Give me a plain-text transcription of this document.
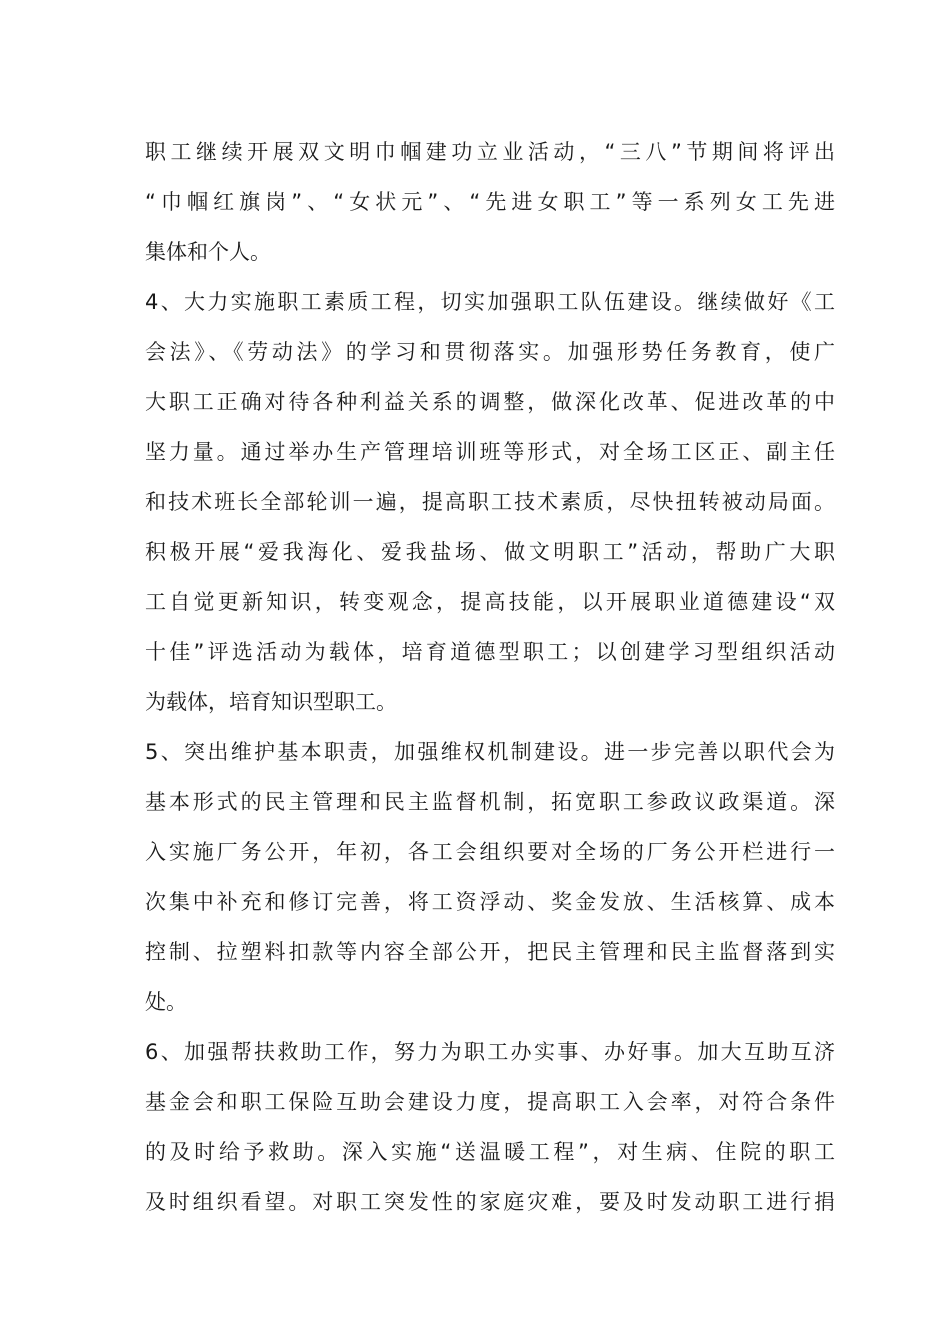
职工继续开展双文明巾帼建功立业活动，“三八”节期间将评出
“巾帼红旗岗”、“女状元”、“先进女职工”等一系列女工先进
集体和个人。
4、大力实施职工素质工程，切实加强职工队伍建设。继续做好《工
会法》、《劳动法》的学习和贯彻落实。加强形势任务教育，使广
大职工正确对待各种利益关系的调整，做深化改革、促进改革的中
坚力量。通过举办生产管理培训班等形式，对全场工区正、副主任
和技术班长全部轮训一遍，提高职工技术素质，尽快扭转被动局面。
积极开展“爱我海化、爱我盐场、做文明职工”活动，帮助广大职
工自觉更新知识，转变观念，提高技能，以开展职业道德建设“双
十佳”评选活动为载体，培育道德型职工；以创建学习型组织活动
为载体，培育知识型职工。
5、突出维护基本职责，加强维权机制建设。进一步完善以职代会为
基本形式的民主管理和民主监督机制，拓宽职工参政议政渠道。深
入实施厂务公开，年初，各工会组织要对全场的厂务公开栏进行一
次集中补充和修订完善，将工资浮动、奖金发放、生活核算、成本
控制、拉塑料扣款等内容全部公开，把民主管理和民主监督落到实
处。
6、加强帮扶救助工作，努力为职工办实事、办好事。加大互助互济
基金会和职工保险互助会建设力度，提高职工入会率，对符合条件
的及时给予救助。深入实施“送温暖工程”，对生病、住院的职工
及时组织看望。对职工突发性的家庭灾难，要及时发动职工进行捐
